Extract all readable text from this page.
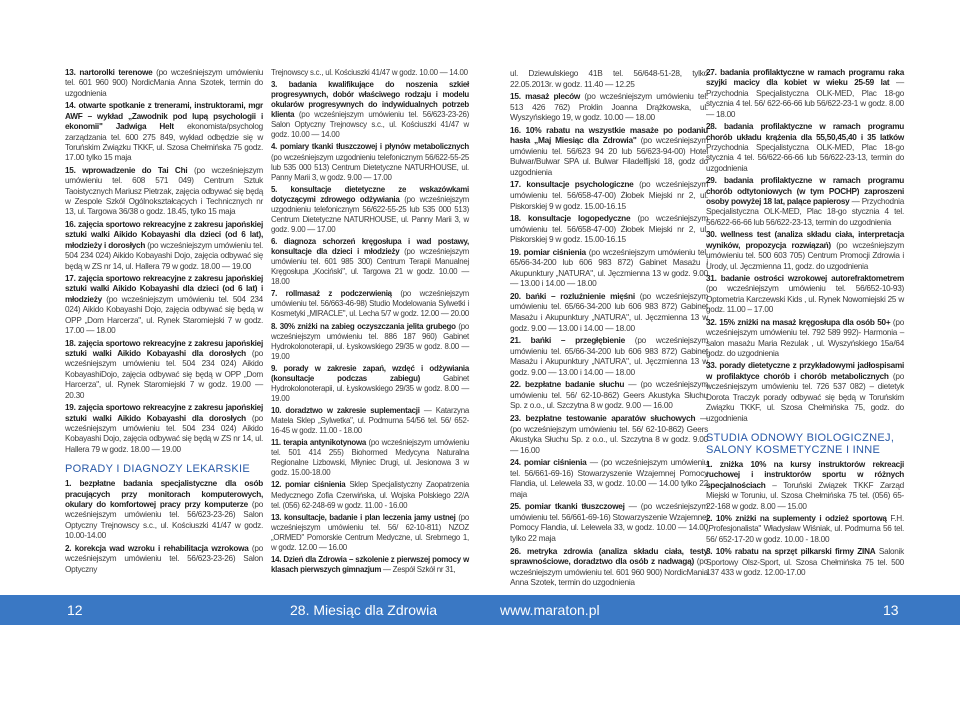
13. nartorolki terenowe (po wcześniejszym umówieniu tel. 601 960 900) NordicMania Anna Szotek, termin do uzgodnienia

14. otwarte spotkanie z trenerami, instruktorami, mgr AWF – wykład „Zawodnik pod lupą psychologii i ekonomii" Jadwiga Helt ekonomista/psycholog zarządzania tel. 600 275 849, wykład odbędzie się w Toruńskim Związku TKKF, ul. Szosa Chełmińska 75 godz. 17.00 tylko 15 maja

15. wprowadzenie do Tai Chi (po wcześniejszym umówieniu tel. 608 571 049) Centrum Sztuk Taoistycznych Mariusz Pietrzak, zajęcia odbywać się będą w Zespole Szkół Ogólnokształcących i Technicznych nr 13, ul. Targowa 36/38 o godz. 18.45, tylko 15 maja

16. zajęcia sportowo rekreacyjne z zakresu japońskiej sztuki walki Aikido Kobayashi dla dzieci (od 6 lat), młodzieży i dorosłych (po wcześniejszym umówieniu tel. 504 234 024) Aikido Kobayashi Dojo, zajęcia odbywać się będą w ZS nr 14, ul. Hallera 79 w godz. 18.00 — 19.00

17. zajęcia sportowo rekreacyjne z zakresu japońskiej sztuki walki Aikido Kobayashi dla dzieci (od 6 lat) i młodzieży (po wcześniejszym umówieniu tel. 504 234 024) Aikido Kobayashi Dojo, zajęcia odbywać się będą w OPP „Dom Harcerza", ul. Rynek Staromiejski 7 w godz. 17.00 — 18.00

18. zajęcia sportowo rekreacyjne z zakresu japońskiej sztuki walki Aikido Kobayashi dla dorosłych (po wcześniejszym umówieniu tel. 504 234 024) Aikido KobayashiDojo, zajęcia odbywać się będą w OPP „Dom Harcerza", ul. Rynek Staromiejski 7 w godz. 19.00 — 20.30

19. zajęcia sportowo rekreacyjne z zakresu japońskiej sztuki walki Aikido Kobayashi dla dorosłych (po wcześniejszym umówieniu tel. 504 234 024) Aikido Kobayashi Dojo, zajęcia odbywać się będą w ZS nr 14, ul. Hallera 79 w godz. 18.00 — 19.00

PORADY I DIAGNOZY LEKARSKIE

1. bezpłatne badania specjalistyczne dla osób pracujących przy monitorach komputerowych, okulary do komfortowej pracy przy komputerze (po wcześniejszym umówieniu tel. 56/623-23-26) Salon Optyczny Trejnowscy s.c., ul. Kościuszki 41/47 w godz. 10.00-14.00

2. korekcja wad wzroku i rehabilitacja wzrokowa (po wcześniejszym umówieniu tel. 56/623-23-26) Salon Optyczny

Trejnowscy s.c., ul. Kościuszki 41/47 w godz. 10.00 — 14.00

3. badania kwalifikujące do noszenia szkieł progresywnych, dobór właściwego rodzaju i modelu okularów progresywnych do indywidualnych potrzeb klienta (po wcześniejszym umówieniu tel. 56/623-23-26) Salon Optyczny Trejnowscy s.c., ul. Kościuszki 41/47 w godz. 10.00 — 14.00

4. pomiary tkanki tłuszczowej i płynów metabolicznych (po wcześniejszym uzgodnieniu telefonicznym 56/622-55-25 lub 535 000 513) Centrum Dietetyczne NATURHOUSE, ul. Panny Marii 3, w godz. 9.00 — 17.00

5. konsultacje dietetyczne ze wskazówkami dotyczącymi zdrowego odżywiania (po wcześniejszym uzgodnieniu telefonicznym 56/622-55-25 lub 535 000 513) Centrum Dietetyczne NATURHOUSE, ul. Panny Marii 3, w godz. 9.00 — 17.00

6. diagnoza schorzeń kręgosłupa i wad postawy, konsultacje dla dzieci i młodzieży (po wcześniejszym umówieniu tel. 601 985 300) Centrum Terapii Manualnej Kręgosłupa „Kociński", ul. Targowa 21 w godz. 10.00 — 18.00

7. rollmasaż z podczerwienią (po wcześniejszym umówieniu tel. 56/663-46-98) Studio Modelowania Sylwetki i Kosmetyki „MIRACLE", ul. Lecha 5/7 w godz. 12.00 — 20.00

8. 30% zniżki na zabieg oczyszczania jelita grubego (po wcześniejszym umówieniu tel. 886 187 960) Gabinet Hydrokolonoterapii, ul. Łyskowskiego 29/35 w godz. 8.00 — 19.00

9. porady w zakresie zapań, wzdęć i odżywiania (konsultacje podczas zabiegu) Gabinet Hydrokolonoterapii, ul. Łyskowskiego 29/35 w godz. 8.00 — 19.00

10. doradztwo w zakresie suplementacji — Katarzyna Matela Sklep „Sylwetka", ul. Podmurna 54/56 tel. 56/ 652-16-45 w godz. 11.00 - 18.00

11. terapia antynikotynowa (po wcześniejszym umówieniu tel. 501 414 255) Biohormed Medycyna Naturalna Regionalne Lizbowski, Młyniec Drugi, ul. Jesionowa 3 w godz. 15.00-18.00

12. pomiar ciśnienia Sklep Specjalistyczny Zaopatrzenia Medycznego Zofia Czerwińska, ul. Wojska Polskiego 22/A tel. (056) 62-248-69 w godz. 11.00 - 16.00

13. konsultacje, badanie i plan leczenia jamy ustnej (po wcześniejszym umówieniu tel. 56/ 62-10-811) NZOZ „ORMED" Pomorskie Centrum Medyczne, ul. Srebrnego 1, w godz. 12.00 — 16.00

14. Dzień dla Zdrowia – szkolenie z pierwszej pomocy w klasach pierwszych gimnazjum — Zespół Szkół nr 31,

ul. Dziewulskiego 41B tel. 56/648-51-28, tylko 22.05.2013r. w godz. 11.40 — 12.25

15. masaż pleców (po wcześniejszym umówieniu tel. 513 426 762) Proklin Joanna Drążkowska, ul. Wyszyńskiego 19, w godz. 10.00 — 18.00

16. 10% rabatu na wszystkie masaże po podaniu hasła „Maj Miesiąc dla Zdrowia" (po wcześniejszym umówieniu tel. 56/623 94 20 lub 56/623-94-00) Hotel Bulwar/Bulwar SPA ul. Bulwar Filadelfijski 18, godz do uzgodnienia

17. konsultacje psychologiczne (po wcześniejszym umówieniu tel. 56/658-47-00) Żłobek Miejski nr 2, ul. Piskorskiej 9 w godz. 15.00-16.15

18. konsultacje logopedyczne (po wcześniejszym umówieniu tel. 56/658-47-00) Żłobek Miejski nr 2, ul. Piskorskiej 9 w godz. 15.00-16.15

19. pomiar ciśnienia (po wcześniejszym umówieniu tel. 65/66-34-200 lub 606 983 872) Gabinet Masażu i Akupunktury „NATURA", ul. Jęczmienna 13 w godz. 9.00 — 13.00 i 14.00 — 18.00

20. bańki – rozluźnienie mięśni (po wcześniejszym umówieniu tel. 65/66-34-200 lub 606 983 872) Gabinet Masażu i Akupunktury „NATURA", ul. Jęczmienna 13 w godz. 9.00 — 13.00 i 14.00 — 18.00

21. bańki – przegłębienie (po wcześniejszym umówieniu tel. 65/66-34-200 lub 606 983 872) Gabinet Masażu i Akupunktury „NATURA", ul. Jęczmienna 13 w godz. 9.00 — 13.00 i 14.00 — 18.00

22. bezpłatne badanie słuchu — (po wcześniejszym umówieniu tel. 56/ 62-10-862) Geers Akustyka Słuchu Sp. z o.o., ul. Szczytna 8 w godz. 9.00 — 16.00

23. bezpłatne testowanie aparatów słuchowych — (po wcześniejszym umówieniu tel. 56/ 62-10-862) Geers Akustyka Słuchu Sp. z o.o., ul. Szczytna 8 w godz. 9.00 — 16.00

24. pomiar ciśnienia — (po wcześniejszym umówieniu tel. 56/661-69-16) Stowarzyszenie Wzajemnej Pomocy Flandia, ul. Lelewela 33, w godz. 10.00 — 14.00 tylko 22 maja

25. pomiar tkanki tłuszczowej — (po wcześniejszym umówieniu tel. 56/661-69-16) Stowarzyszenie Wzajemnej Pomocy Flandia, ul. Lelewela 33, w godz. 10.00 — 14.00 tylko 22 maja

26. metryka zdrowia (analiza składu ciała, testy sprawnościowe, doradztwo dla osób z nadwagą) (po wcześniejszym umówieniu tel. 601 960 900) NordicMania Anna Szotek, termin do uzgodnienia

27. badania profilaktyczne w ramach programu raka szyjki macicy dla kobiet w wieku 25-59 lat — Przychodnia Specjalistyczna OLK-MED, Plac 18-go stycznia 4 tel. 56/ 622-66-66 lub 56/622-23-1 w godz. 8.00 — 18.00

28. badania profilaktyczne w ramach programu chorób układu krążenia dla 55,50,45,40 i 35 latków Przychodnia Specjalistyczna OLK-MED, Plac 18-go stycznia 4 tel. 56/622-66-66 lub 56/622-23-13, termin do uzgodnienia

29. badania profilaktyczne w ramach programu chorób odtytoniowych (w tym POCHP) zaproszeni osoby powyżej 18 lat, palące papierosy — Przychodnia Specjalistyczna OLK-MED, Plac 18-go stycznia 4 tel. 56/622-66-66 lub 56/622-23-13, termin do uzgodnienia

30. wellness test (analiza składu ciała, interpretacja wyników, propozycja rozwiązań) (po wcześniejszym umówieniu tel. 500 603 705) Centrum Promocji Zdrowia i Urody, ul. Jęczmienna 11, godz. do uzgodnienia

31. badanie ostrości wzrokowej autorefraktometrem (po wcześniejszym umówieniu tel. 56/652-10-93) Optometria Karczewski Kids , ul. Rynek Nowomiejski 25 w godz. 11.00 – 17.00

32. 15% zniżki na masaż kręgosłupa dla osób 50+ (po wcześniejszym umówieniu tel. 792 589 992)- Harmonia – salon masażu Maria Rezulak , ul. Wyszyńskiego 15a/64 godz. do uzgodnienia

33. porady dietetyczne z przykładowymi jadłospisami w profilaktyce chorób i chorób metabolicznych (po wcześniejszym umówieniu tel. 726 537 082) – dietetyk Dorota Traczyk porady odbywać się będą w Toruńskim Związku TKKF, ul. Szosa Chełmińska 75, godz. do uzgodnienia

STUDIA ODNOWY BIOLOGICZNEJ, SALONY KOSMETYCZNE I INNE

1. zniżka 10% na kursy instruktorów rekreacji ruchowej i instruktorów sportu w różnych specjalnościach – Toruński Związek TKKF Zarząd Miejski w Toruniu, ul. Szosa Chełmińska 75 tel. (056) 65-22-168 w godz. 8.00 — 15.00

2. 10% zniżki na suplementy i odzież sportową F.H. „Profesjonalista" Władysław Wiśniak, ul. Podmurna 56 tel. 56/ 652-17-20 w godz. 10.00 - 18.00

3. 10% rabatu na sprzęt pilkarski firmy ZINA Salonik Sportowy Olsz-Sport, ul. Szosa Chełmińska 75 tel. 500 137 433 w godz. 12.00-17.00

12	28. Miesiąc dla Zdrowia	www.maraton.pl	13
